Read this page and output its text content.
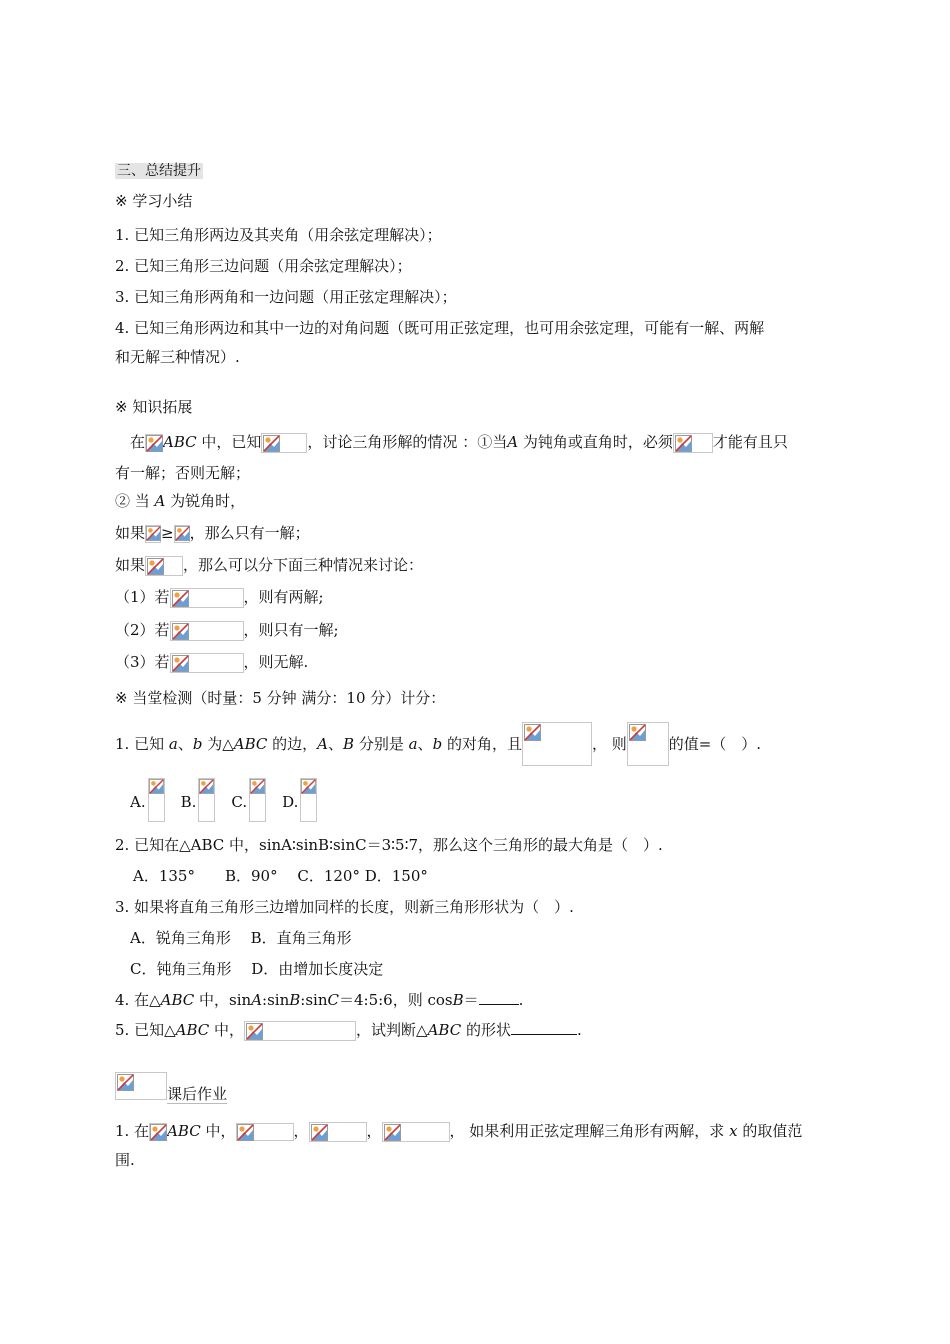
三、总结提升
※ 学习小结
1. 已知三角形两边及其夹角（用余弦定理解决）；
2. 已知三角形三边问题（用余弦定理解决）；
3. 已知三角形两角和一边问题（用正弦定理解决）；
4. 已知三角形两边和其中一边的对角问题（既可用正弦定理，也可用余弦定理，可能有一解、两解
和无解三种情况）.
※ 知识拓展
在 ABC 中，已知	，讨论三角形解的情况 ：①当A 为钝角或直角时，必须	才能有且只
有一解；否则无解；
② 当 A 为锐角时，
如果 ≥ ，那么只有一解；
如果	，那么可以分下面三种情况来讨论：
（1）若	，则有两解;
（2）若	，则只有一解;
（3）若	，则无解.
※ 当堂检测（时量：5 分钟 满分：10 分）计分：
1. 已知 a、b 为△ABC 的边，A、B 分别是 a、b 的对角，且	， 则	的值=（　）.
A. B. C. D.
2. 已知在△ABC 中，sinA∶sinB∶sinC＝3∶5∶7，那么这个三角形的最大角是（　）.
A．135°　　B．90°　 C．120° D．150°
3. 如果将直角三角形三边增加同样的长度，则新三角形形状为（　）.
A．锐角三角形　 B．直角三角形
C．钝角三角形　 D．由增加长度决定
4. 在△ABC 中，sinA:sinB:sinC＝4:5:6，则 cosB＝	.
5. 已知△ABC 中，	，试判断△ABC 的形状	.
课后作业
1. 在 ABC 中，	，	，	， 如果利用正弦定理解三角形有两解，求 x 的取值范
围.
